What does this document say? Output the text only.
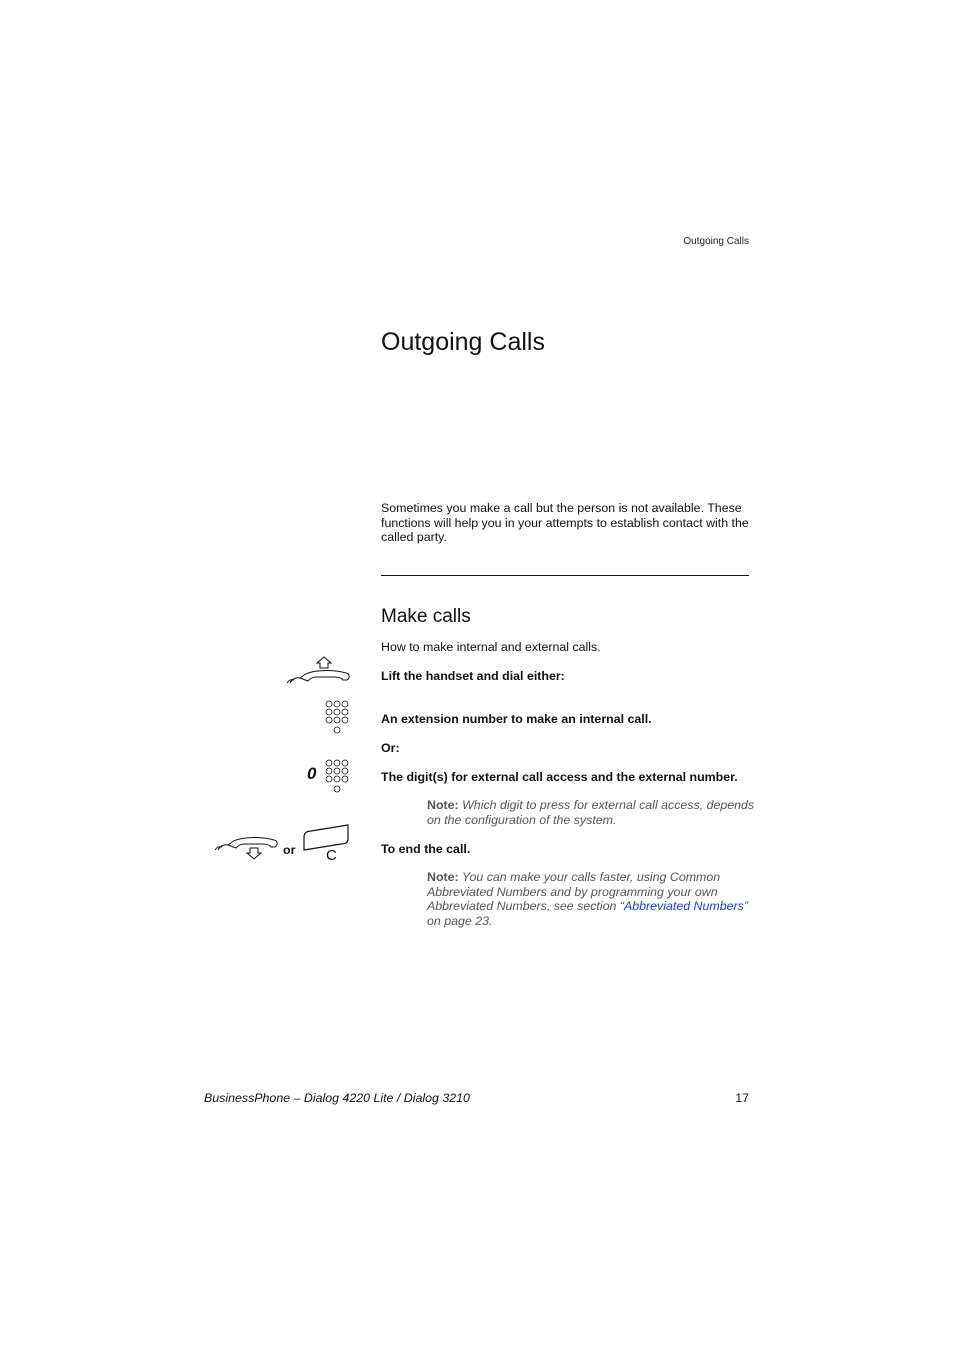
Outgoing Calls
Outgoing Calls
Sometimes you make a call but the person is not available. These functions will help you in your attempts to establish contact with the called party.
Make calls
How to make internal and external calls.
Lift the handset and dial either:
An extension number to make an internal call.
Or:
0	The digit(s) for external call access and the external number.
Note: Which digit to press for external call access, depends on the configuration of the system.
or C	To end the call.
Note: You can make your calls faster, using Common Abbreviated Numbers and by programming your own Abbreviated Numbers, see section “Abbreviated Numbers” on page 23.
BusinessPhone – Dialog 4220 Lite / Dialog 3210	17
